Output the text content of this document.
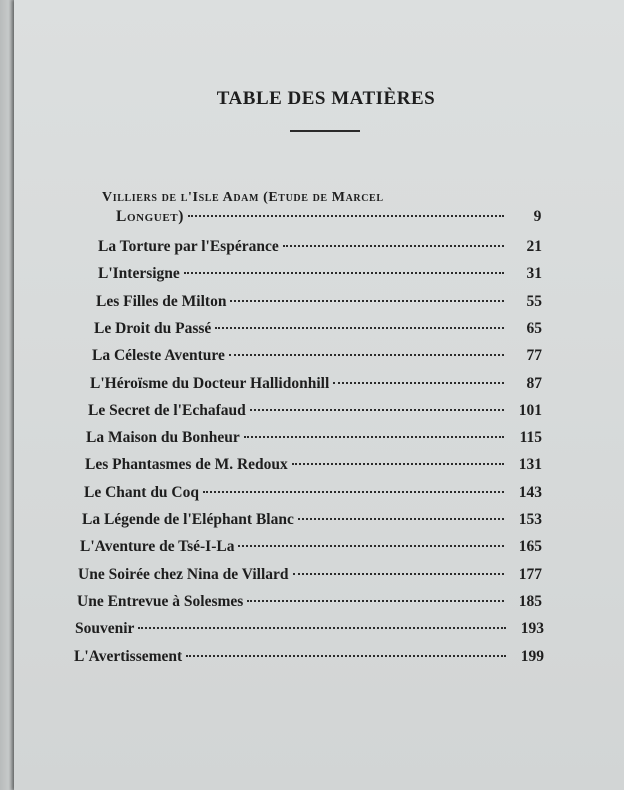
TABLE DES MATIÈRES
Villiers de l'Isle Adam (Etude de Marcel
Longuet)	9
La Torture par l'Espérance	21
L'Intersigne	31
Les Filles de Milton	55
Le Droit du Passé	65
La Céleste Aventure	77
L'Héroïsme du Docteur Hallidonhill	87
Le Secret de l'Echafaud	101
La Maison du Bonheur	115
Les Phantasmes de M. Redoux	131
Le Chant du Coq	143
La Légende de l'Eléphant Blanc	153
L'Aventure de Tsé-I-La	165
Une Soirée chez Nina de Villard	177
Une Entrevue à Solesmes	185
Souvenir	193
L'Avertissement	199
